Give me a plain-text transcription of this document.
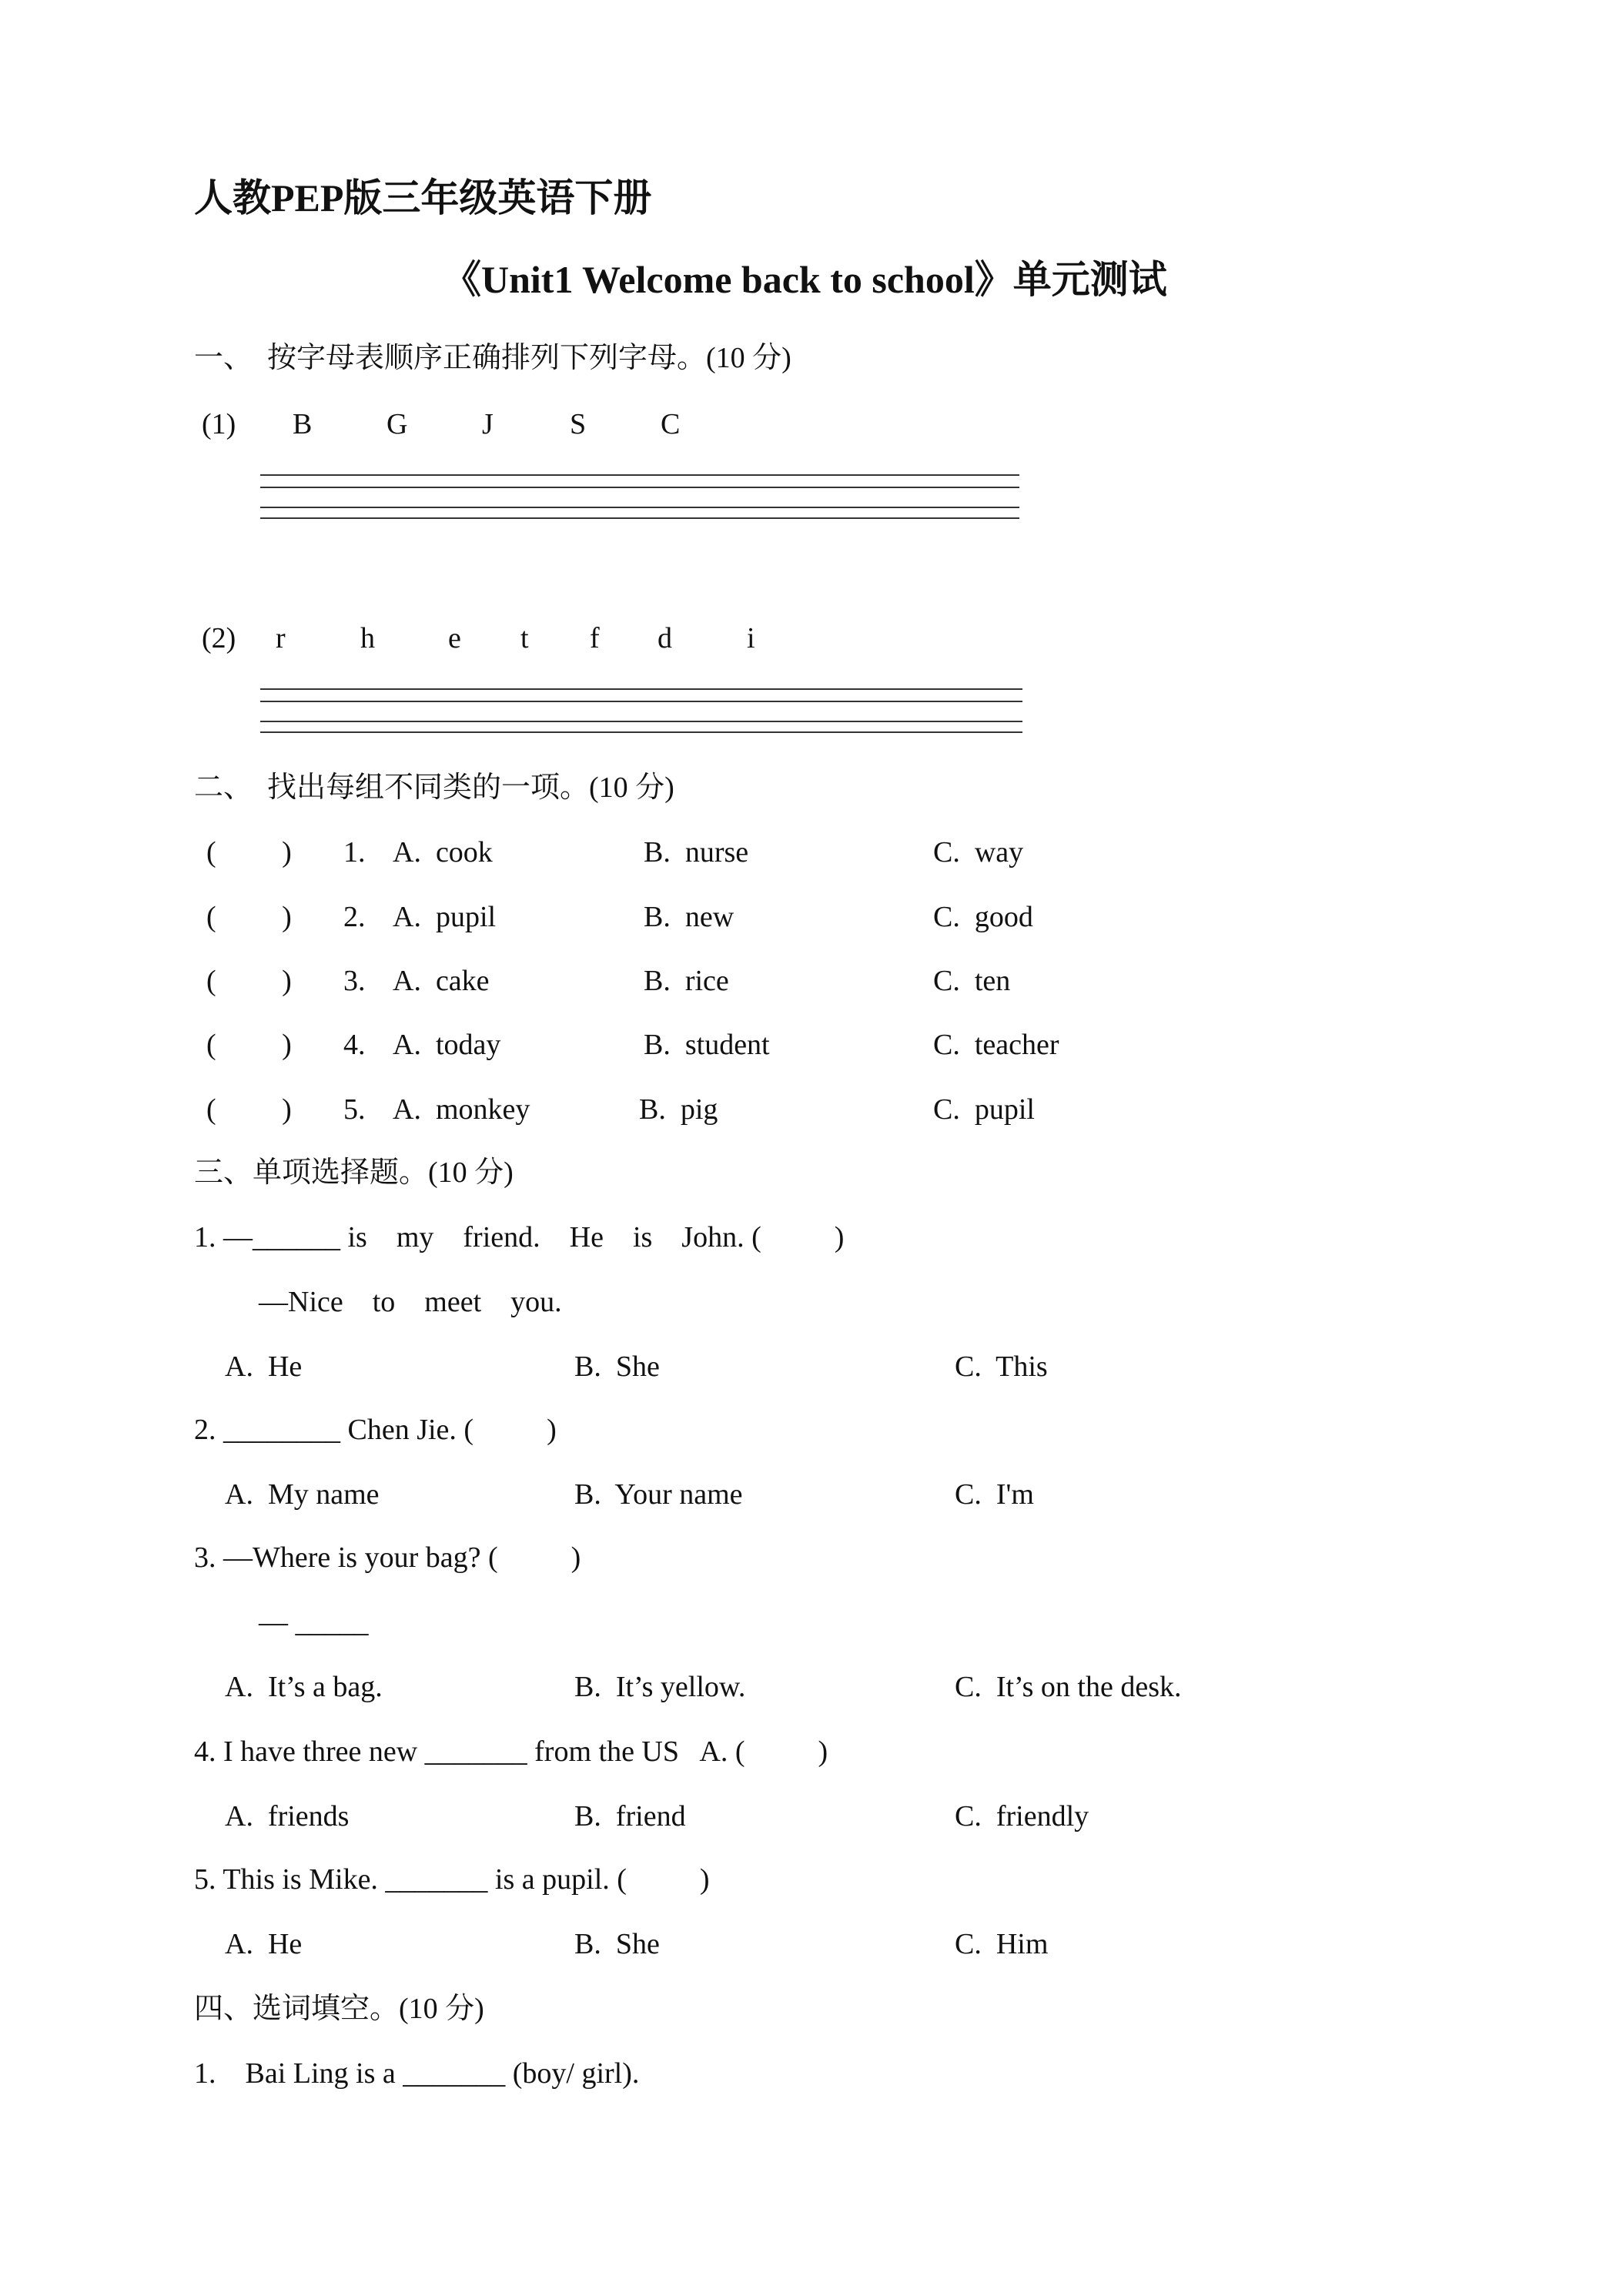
人教PEP版三年级英语下册
《Unit1 Welcome back to school》单元测试
一、  按字母表顺序正确排列下列字母。(10 分)
(1) B	G	J	S	C
(2) r	h	e t f d	i
二、  找出每组不同类的一项。(10 分)
(         ) 1. A.  cook	B.  nurse	C.  way
(         ) 2. A.  pupil	B.  new	C.  good
(         ) 3. A.  cake	B.  rice	C.  ten
(         ) 4. A.  today	B.  student	C.  teacher
(         ) 5. A.  monkey	B.  pig	C.  pupil
三、单项选择题。(10 分)
1. —______ is    my    friend.    He    is    John. (          )
—Nice    to    meet    you.
A.  He	B.  She	C.  This
2. ________ Chen Jie. (          )
A.  My name	B.  Your name	C.  I'm
3. —Where is your bag? (          )
— _____
A.  It’s a bag.	B.  It’s yellow.	C.  It’s on the desk.
4. I have three new _______ from the US   A. (          )
A.  friends	B.  friend	C.  friendly
5. This is Mike. _______ is a pupil. (          )
A.  He	B.  She	C.  Him
四、选词填空。(10 分)
1.    Bai Ling is a _______ (boy/ girl).
